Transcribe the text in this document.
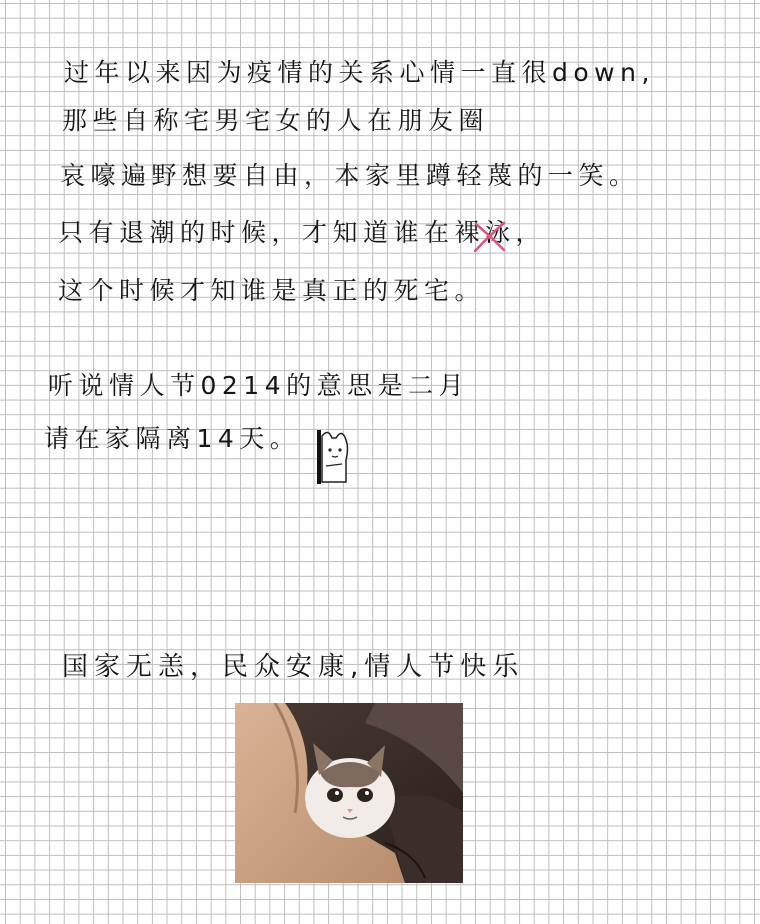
过年以来因为疫情的关系心情一直很down,
那些自称宅男宅女的人在朋友圈
哀嚎遍野想要自由，本家里蹲轻蔑的一笑。
只有退潮的时候，才知道谁在裸泳，
这个时候才知谁是真正的死宅。
听说情人节0214的意思是二月
请在家隔离14天。
国家无恙，民众安康,情人节快乐
